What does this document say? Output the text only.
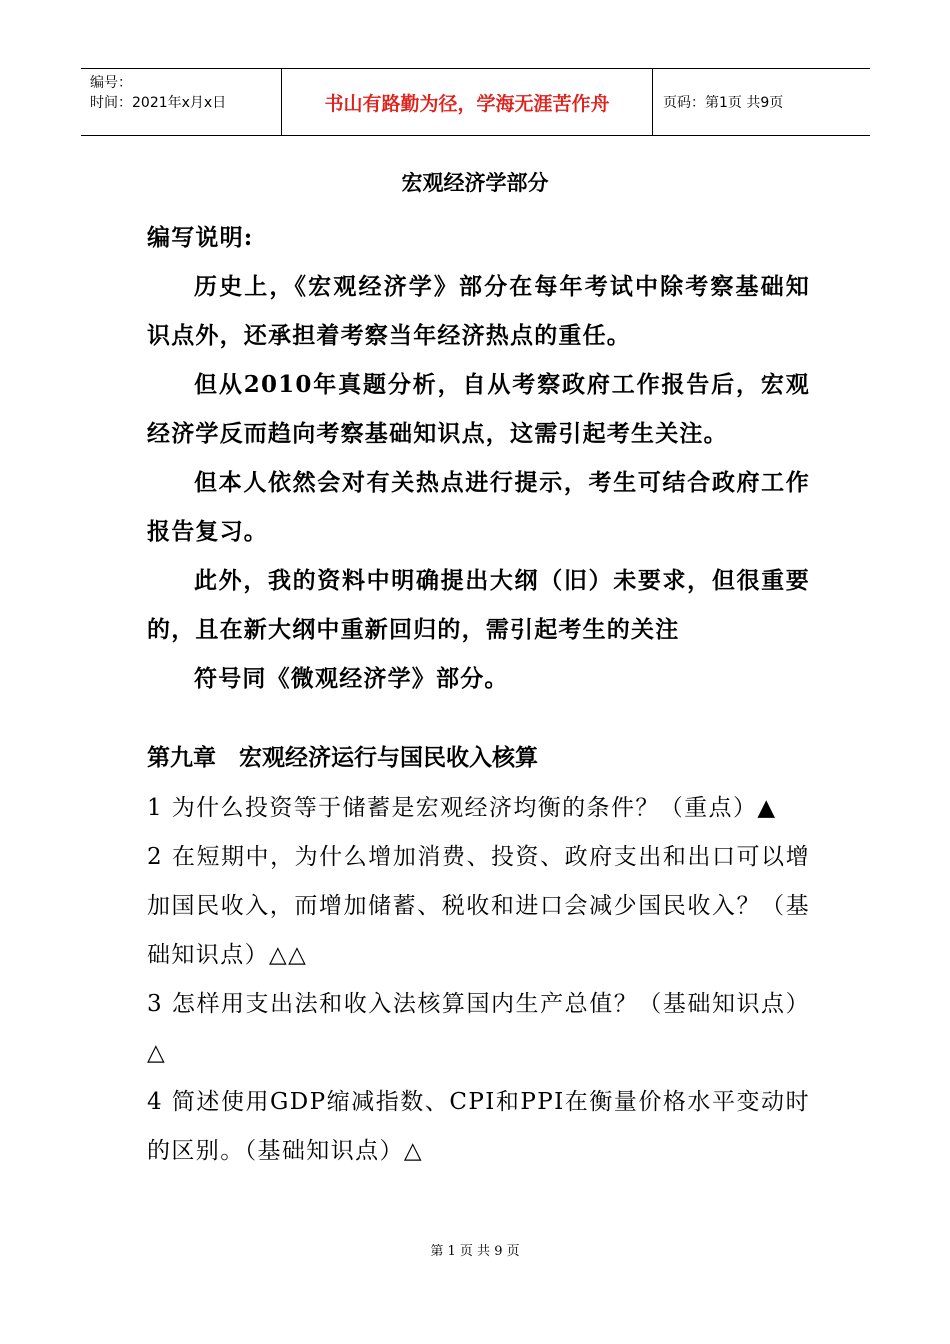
编号：
时间：2021年x月x日	书山有路勤为径，学海无涯苦作舟	页码：第1页 共9页
宏观经济学部分

编写说明:

历史上，《宏观经济学》部分在每年考试中除考察基础知识点外，还承担着考察当年经济热点的重任。

但从2010年真题分析，自从考察政府工作报告后，宏观经济学反而趋向考察基础知识点，这需引起考生关注。

但本人依然会对有关热点进行提示，考生可结合政府工作报告复习。

此外，我的资料中明确提出大纲（旧）未要求，但很重要的，且在新大纲中重新回归的，需引起考生的关注

符号同《微观经济学》部分。

第九章　宏观经济运行与国民收入核算

1 为什么投资等于储蓄是宏观经济均衡的条件？（重点）▲

2 在短期中，为什么增加消费、投资、政府支出和出口可以增加国民收入，而增加储蓄、税收和进口会减少国民收入？（基础知识点）△△

3 怎样用支出法和收入法核算国内生产总值？（基础知识点）△

4 简述使用GDP缩减指数、CPI和PPI在衡量价格水平变动时的区别。（基础知识点）△

第 1 页 共 9 页
